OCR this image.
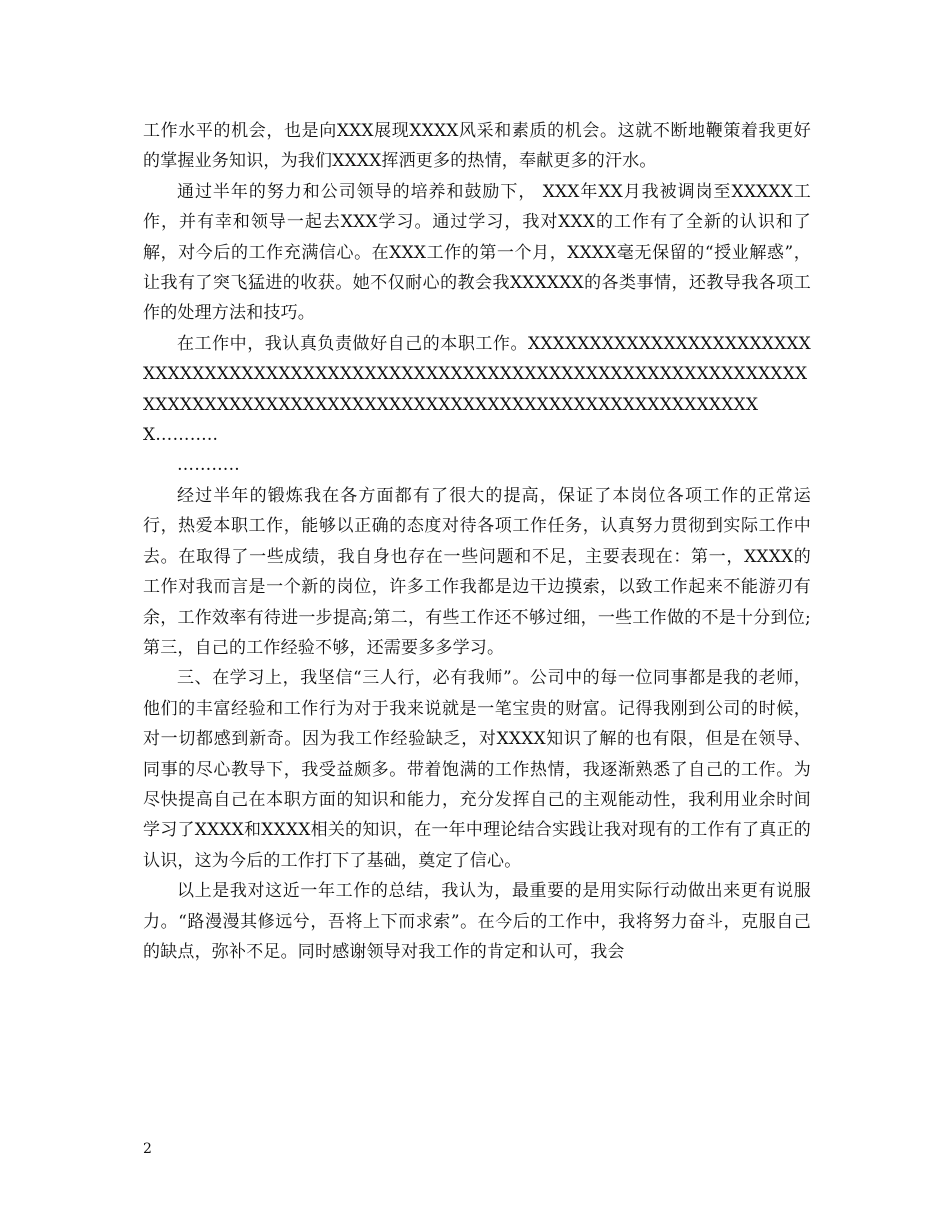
工作水平的机会，也是向XXX展现XXXX风采和素质的机会。这就不断地鞭策着我更好的掌握业务知识，为我们XXXX挥洒更多的热情，奉献更多的汗水。

通过半年的努力和公司领导的培养和鼓励下， XXX年XX月我被调岗至XXXXX工作，并有幸和领导一起去XXX学习。通过学习，我对XXX的工作有了全新的认识和了解，对今后的工作充满信心。在XXX工作的第一个月，XXXX毫无保留的“授业解惑”，让我有了突飞猛进的收获。她不仅耐心的教会我XXXXXX的各类事情，还教导我各项工作的处理方法和技巧。

在工作中，我认真负责做好自己的本职工作。XXXXXXXXXXXXXXXXXXXXXXXXXXXXXXXXXXXXXXXXXXXXXXXXXXXXXXXXXXXXXXXXXXXXXXXXXXXXXXXXXXXXXXXXXXXXXXXXXXXXXXXXXXXXXXXXXXXXXXXXXXXXXXXX………..

………..

经过半年的锻炼我在各方面都有了很大的提高，保证了本岗位各项工作的正常运行，热爱本职工作，能够以正确的态度对待各项工作任务，认真努力贯彻到实际工作中去。在取得了一些成绩，我自身也存在一些问题和不足，主要表现在：第一，XXXX的工作对我而言是一个新的岗位，许多工作我都是边干边摸索，以致工作起来不能游刃有余，工作效率有待进一步提高;第二，有些工作还不够过细，一些工作做的不是十分到位;第三，自己的工作经验不够，还需要多多学习。

三、在学习上，我坚信“三人行，必有我师”。公司中的每一位同事都是我的老师，他们的丰富经验和工作行为对于我来说就是一笔宝贵的财富。记得我刚到公司的时候，对一切都感到新奇。因为我工作经验缺乏，对XXXX知识了解的也有限，但是在领导、同事的尽心教导下，我受益颇多。带着饱满的工作热情，我逐渐熟悉了自己的工作。为尽快提高自己在本职方面的知识和能力，充分发挥自己的主观能动性，我利用业余时间学习了XXXX和XXXX相关的知识，在一年中理论结合实践让我对现有的工作有了真正的认识，这为今后的工作打下了基础，奠定了信心。

以上是我对这近一年工作的总结，我认为，最重要的是用实际行动做出来更有说服力。“路漫漫其修远兮，吾将上下而求索”。在今后的工作中，我将努力奋斗，克服自己的缺点，弥补不足。同时感谢领导对我工作的肯定和认可，我会

2
